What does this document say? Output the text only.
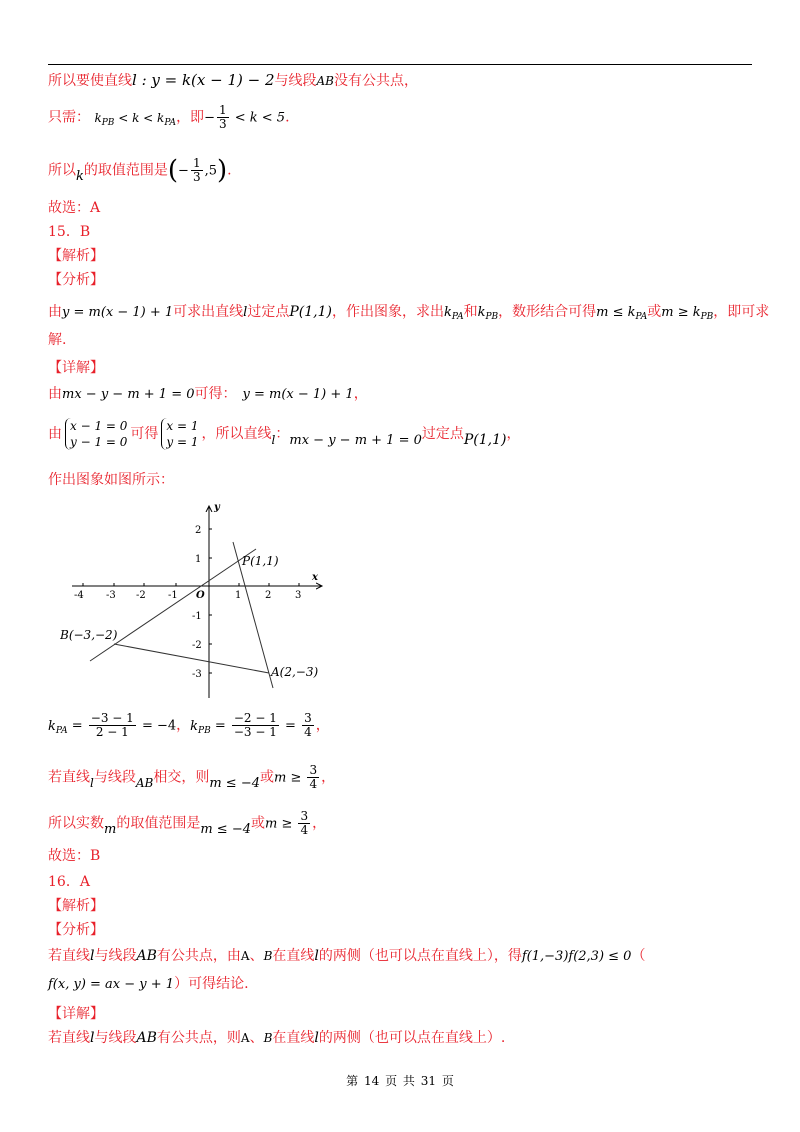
所以要使直线l : y = k(x − 1) − 2与线段AB没有公共点，
只需： $k_{PB} < k < k_{PA}$，即− $\frac{1}{3} < k < 5$.
所以k的取值范围是(− $\frac{1}{3} ,5$).
故选：A
15．B
【解析】
【分析】
由y = m(x − 1) + 1可求出直线l过定点P(1,1)，作出图象，求出$k_{PA}$和$k_{PB}$，数形结合可得$m \le k_{PA}$或$m \ge k_{PB}$，即可求
解.
【详解】
由mx − y − m + 1 = 0可得： y = m(x − 1) + 1，
由 x − 1 = 0
y − 1 = 0 可得 x = 1
y = 1 ，所以直线l：mx − y − m + 1 = 0过定点P(1,1)，
作出图象如图所示：
x
y
O
-4 -3 -2 -1	1 2 3
2
1
-1
-2
-3
P(1,1)
A(2,−3)
B(−3,−2)
$k_{PA} = \frac{-3 - 1}{2 - 1} = -4$，$k_{PB} = \frac{-2 - 1}{-3 - 1} = \frac{3}{4}$ ，
若直线l与线段AB相交，则m ≤ −4或$m \ge \frac{3}{4}$ ，
所以实数m的取值范围是m ≤ −4或$m \ge \frac{3}{4}$ ，
故选：B
16．A
【解析】
【分析】
若直线l与线段AB有公共点，由A、B在直线l的两侧（也可以点在直线上），得f(1,−3)f(2,3) ≤ 0（
f(x, y) = ax − y + 1）可得结论.
【详解】
若直线l与线段AB有公共点，则A、B在直线l的两侧（也可以点在直线上）.
第 14 页 共 31 页
